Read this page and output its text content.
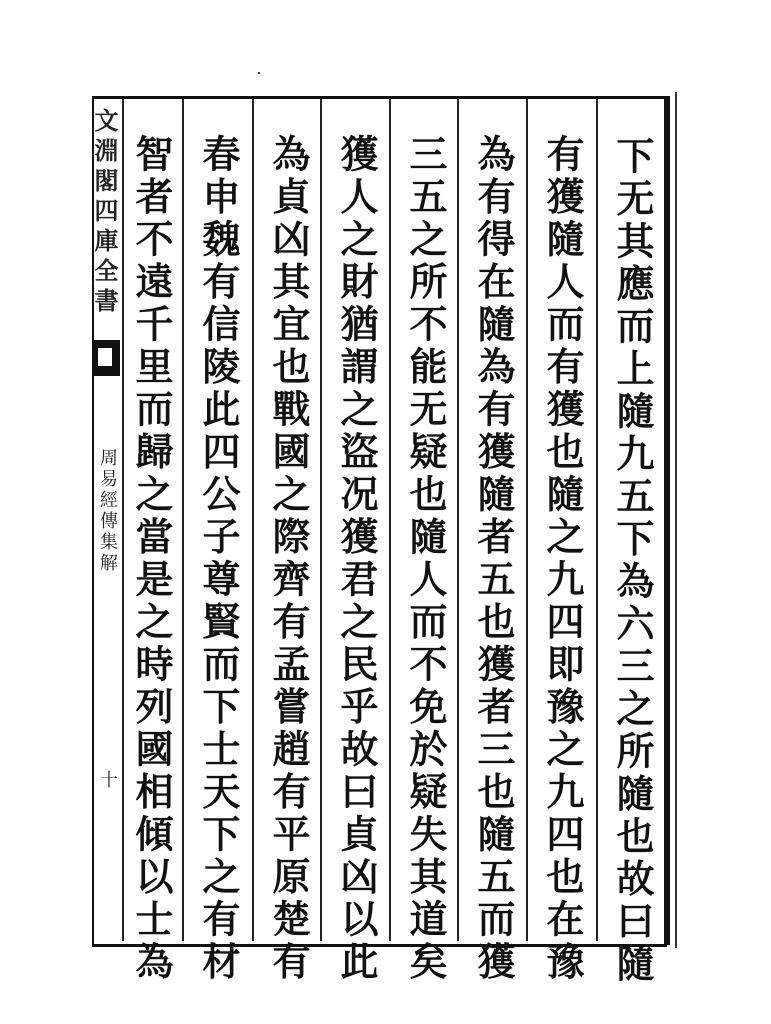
文淵閣四庫全書
周易經傳集解
十	下无其應而上隨九五下為六三之所隨也故曰隨
有獲隨人而有獲也隨之九四即豫之九四也在豫
為有得在隨為有獲隨者五也獲者三也隨五而獲
三五之所不能无疑也隨人而不免於疑失其道矣
獲人之財猶謂之盜况獲君之民乎故曰貞凶以此
為貞凶其宜也戰國之際齊有孟嘗趙有平原楚有
春申魏有信陵此四公子尊賢而下士天下之有材
智者不遠千里而歸之當是之時列國相傾以士為
